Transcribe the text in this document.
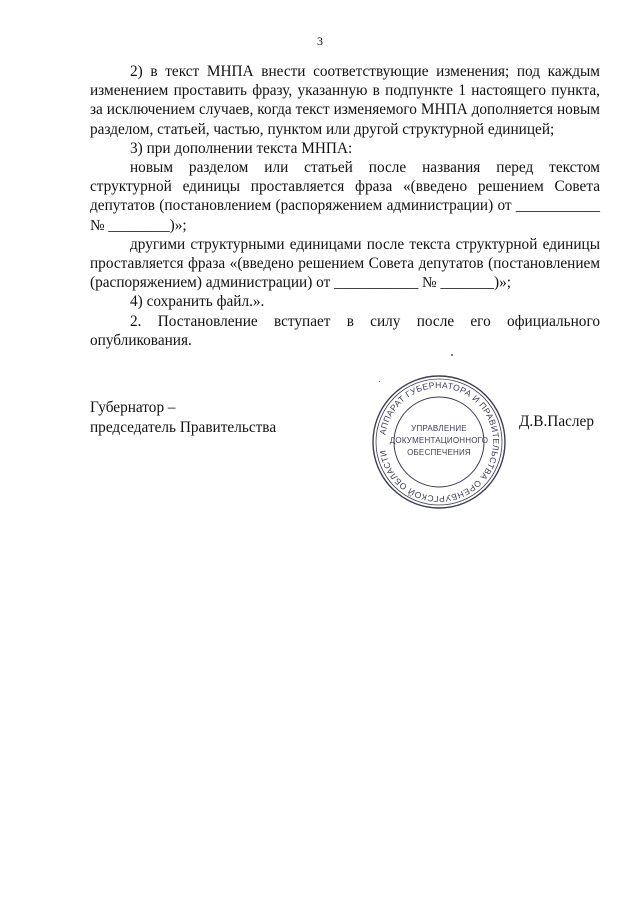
3

2) в текст МНПА внести соответствующие изменения; под каждым изменением проставить фразу, указанную в подпункте 1 настоящего пункта, за исключением случаев, когда текст изменяемого МНПА дополняется новым разделом, статьей, частью, пунктом или другой структурной единицей;

3) при дополнении текста МНПА:

новым разделом или статьей после названия перед текстом структурной единицы проставляется фраза «(введено решением Совета депутатов (постановлением (распоряжением администрации) от ___________ № ________)»;

другими структурными единицами после текста структурной единицы проставляется фраза «(введено решением Совета депутатов (постановлением (распоряжением) администрации) от ___________ № _______)»;

4) сохранить файл.».

2. Постановление вступает в силу после его официального опубликования.

Губернатор –
председатель Правительства	АППАРАТ ГУБЕРНАТОРА И ПРАВИТЕЛЬСТВА ОРЕНБУРГСКОЙ ОБЛАСТИ
УПРАВЛЕНИЕ
ДОКУМЕНТАЦИОННОГО
ОБЕСПЕЧЕНИЯ
Д.В.Паслер
